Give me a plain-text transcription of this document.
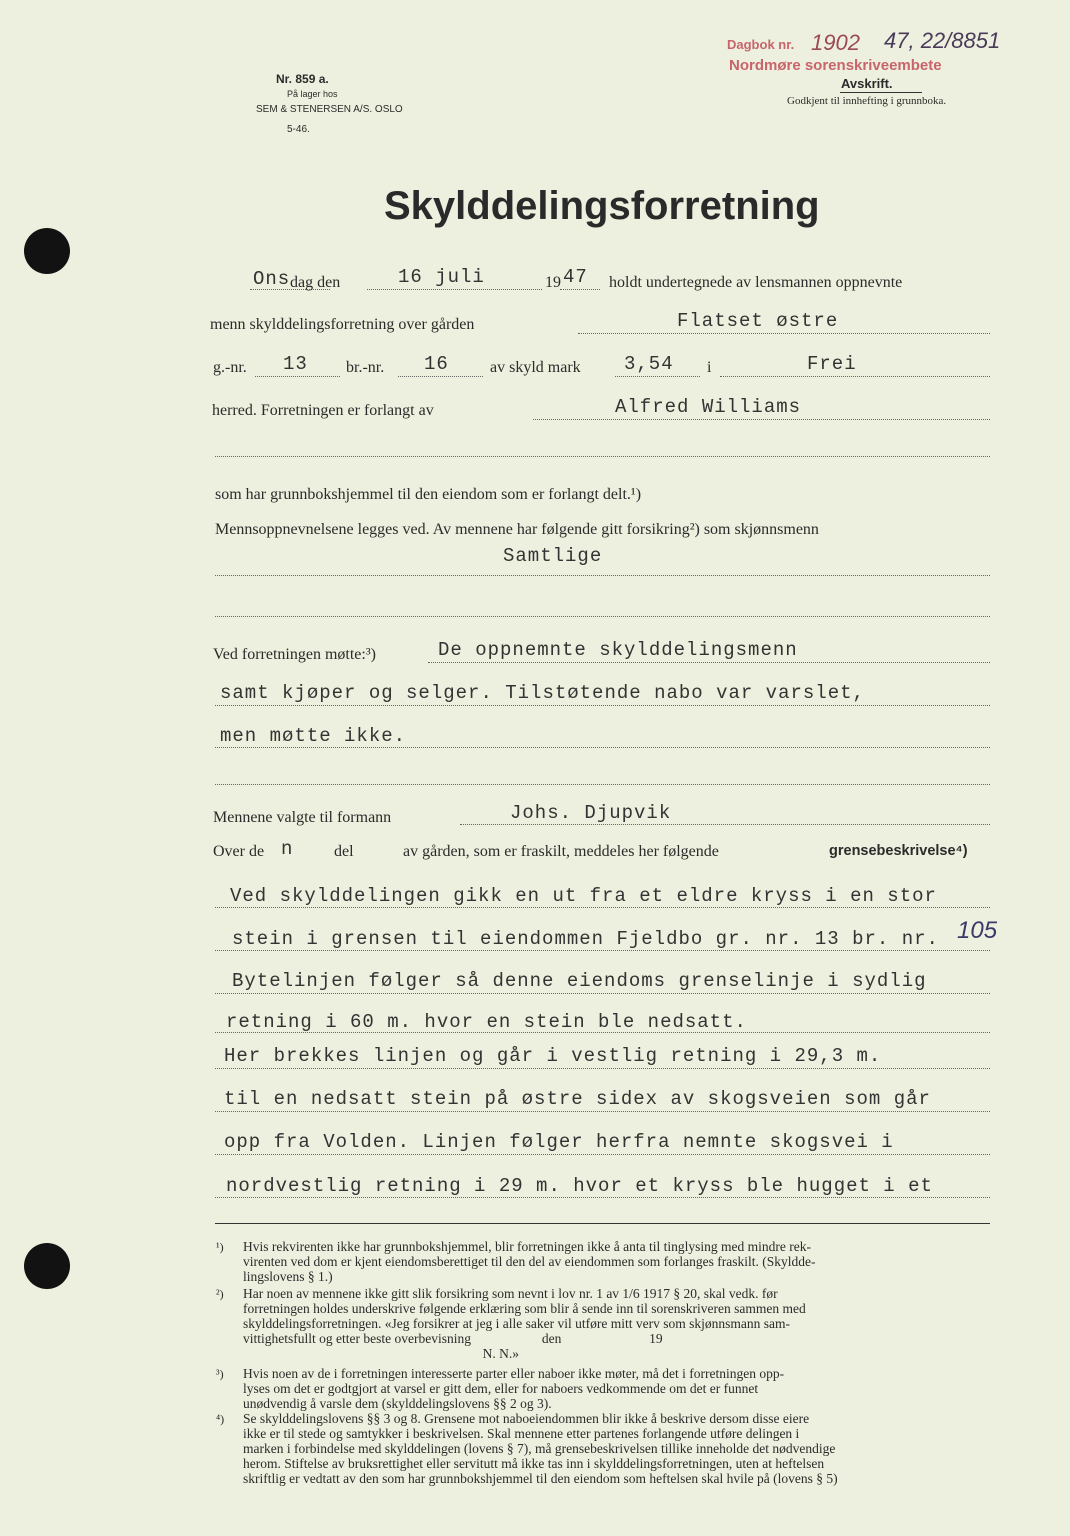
Nr. 859 a.
På lager hos
SEM & STENERSEN A/S. OSLO
5-46.
Dagbok nr. 1902 47, 22/8851
Nordmøre sorenskriveembete
Avskrift.
Godkjent til innhefting i grunnboka.
Skylddelingsforretning
Ons dag den	16 juli	19 47 holdt undertegnede av lensmannen oppnevnte
menn skylddelingsforretning over gården	Flatset østre
g.-nr. 13 br.-nr. 16	av skyld mark 3,54 i	Frei
herred. Forretningen er forlangt av	Alfred Williams
som har grunnbokshjemmel til den eiendom som er forlangt delt.¹)
Mennsoppnevnelsene legges ved. Av mennene har følgende gitt forsikring²) som skjønnsmenn
Samtlige
Ved forretningen møtte:³)	De oppnemnte skylddelingsmenn
samt kjøper og selger. Tilstøtende nabo var varslet,
men møtte ikke.
Mennene valgte til formann	Johs. Djupvik
Over de n	del	av gården, som er fraskilt, meddeles her følgende	grensebeskrivelse⁴)
Ved skylddelingen gikk en ut fra et eldre kryss i en stor
stein i grensen til eiendommen Fjeldbo gr. nr. 13 br. nr. 105
Bytelinjen følger så denne eiendoms grenselinje i sydlig
retning i 60 m. hvor en stein ble nedsatt.
Her brekkes linjen og går i vestlig retning i 29,3 m.
til en nedsatt stein på østre sidex av skogsveien som går
opp fra Volden. Linjen følger herfra nemnte skogsvei i
nordvestlig retning i 29 m. hvor et kryss ble hugget i et
¹) Hvis rekvirenten ikke har grunnbokshjemmel, blir forretningen ikke å anta til tinglysing med mindre rek-
virenten ved dom er kjent eiendomsberettiget til den del av eiendommen som forlanges fraskilt. (Skyldde-
lingslovens § 1.)
²) Har noen av mennene ikke gitt slik forsikring som nevnt i lov nr. 1 av 1/6 1917 § 20, skal vedk. før
forretningen holdes underskrive følgende erklæring som blir å sende inn til sorenskriveren sammen med
skylddelingsforretningen. «Jeg forsikrer at jeg i alle saker vil utføre mitt verv som skjønnsmann sam-
vittighetsfullt og etter beste overbevisning                     den                          19
N. N.»
³) Hvis noen av de i forretningen interesserte parter eller naboer ikke møter, må det i forretningen opp-
lyses om det er godtgjort at varsel er gitt dem, eller for naboers vedkommende om det er funnet
unødvendig å varsle dem (skylddelingslovens §§ 2 og 3).
⁴) Se skylddelingslovens §§ 3 og 8. Grensene mot naboeiendommen blir ikke å beskrive dersom disse eiere
ikke er til stede og samtykker i beskrivelsen. Skal mennene etter partenes forlangende utføre delingen i
marken i forbindelse med skylddelingen (lovens § 7), må grensebeskrivelsen tillike inneholde det nødvendige
herom. Stiftelse av bruksrettighet eller servitutt må ikke tas inn i skylddelingsforretningen, uten at heftelsen
skriftlig er vedtatt av den som har grunnbokshjemmel til den eiendom som heftelsen skal hvile på (lovens § 5)
